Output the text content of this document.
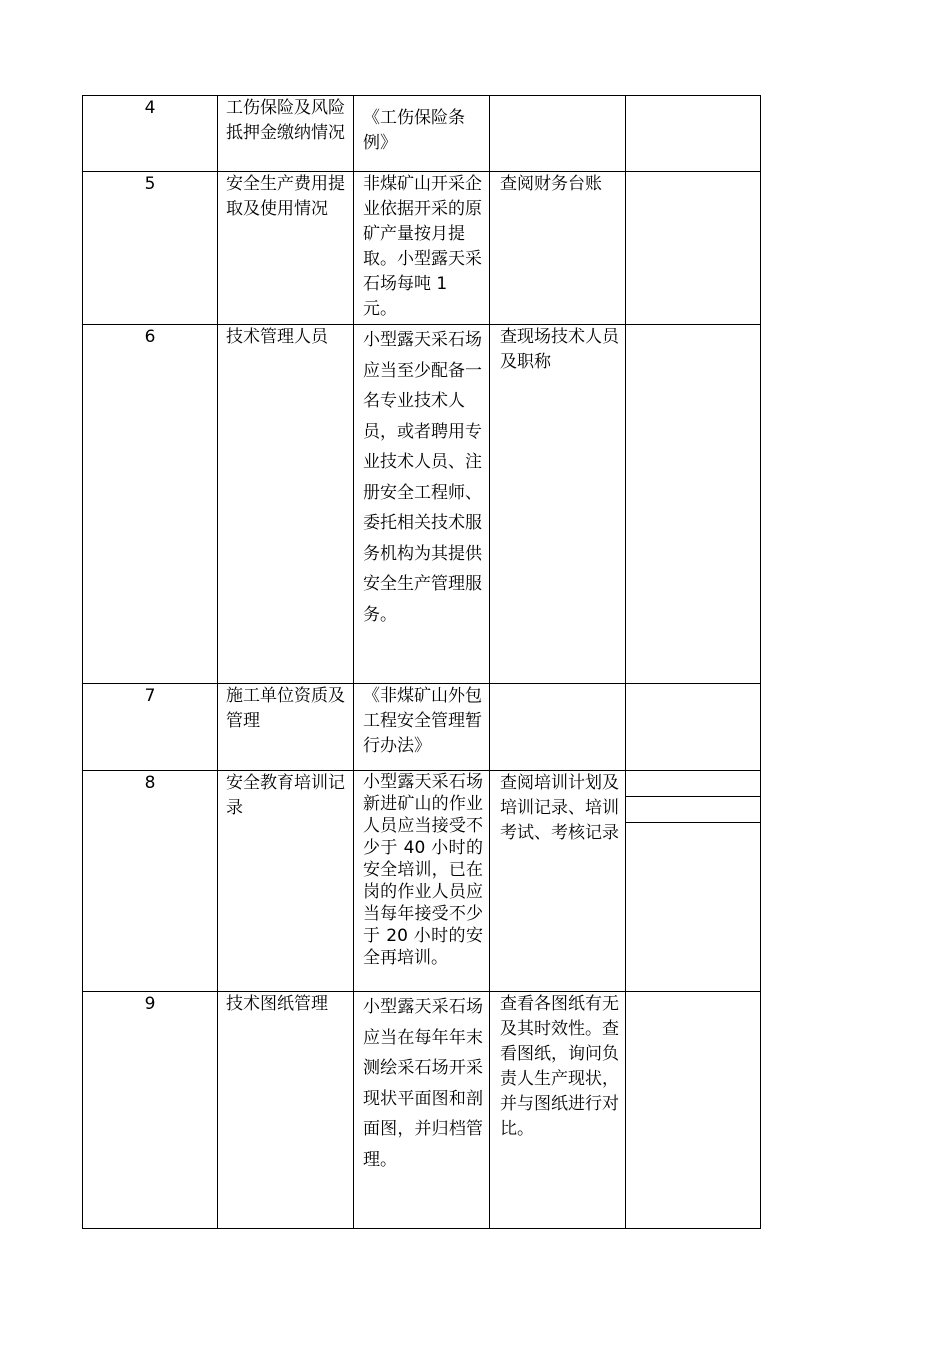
4	工伤保险及风险抵押金缴纳情况	《工伤保险条例》		
5	安全生产费用提取及使用情况	非煤矿山开采企业依据开采的原矿产量按月提取。小型露天采石场每吨 1 元。	查阅财务台账	
6	技术管理人员	小型露天采石场应当至少配备一名专业技术人员，或者聘用专业技术人员、注册安全工程师、委托相关技术服务机构为其提供安全生产管理服务。	查现场技术人员及职称	
7	施工单位资质及管理	《非煤矿山外包工程安全管理暂行办法》		
8	安全教育培训记录	小型露天采石场新进矿山的作业人员应当接受不少于 40 小时的安全培训，已在岗的作业人员应当每年接受不少于 20 小时的安全再培训。	查阅培训计划及培训记录、培训考试、考核记录	

9	技术图纸管理	小型露天采石场应当在每年年末测绘采石场开采现状平面图和剖面图，并归档管理。	查看各图纸有无及其时效性。查看图纸，询问负责人生产现状，并与图纸进行对比。	
